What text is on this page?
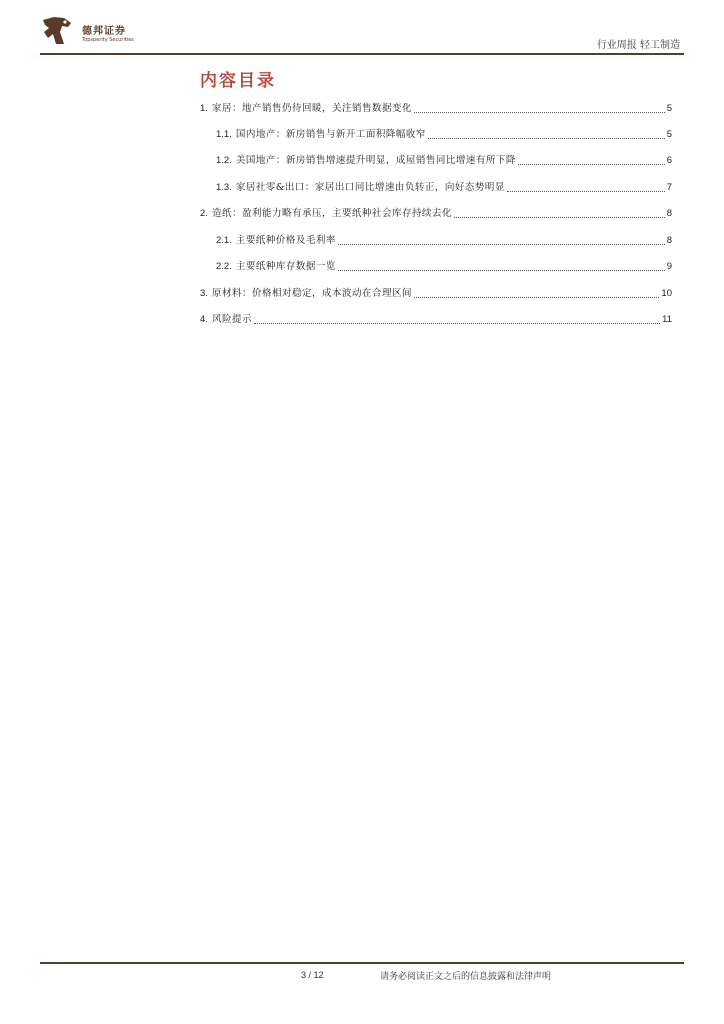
德邦证券
Topsperity Securities	行业周报 轻工制造
内容目录
1. 家居：地产销售仍待回暖，关注销售数据变化	5
1.1. 国内地产：新房销售与新开工面积降幅收窄	5
1.2. 美国地产：新房销售增速提升明显，成屋销售同比增速有所下降	6
1.3. 家居社零&出口：家居出口同比增速由负转正，向好态势明显	7
2. 造纸：盈利能力略有承压，主要纸种社会库存持续去化	8
2.1. 主要纸种价格及毛利率	8
2.2. 主要纸种库存数据一览	9
3. 原材料：价格相对稳定，成本波动在合理区间	10
4. 风险提示	11
3 / 12	请务必阅读正文之后的信息披露和法律声明
